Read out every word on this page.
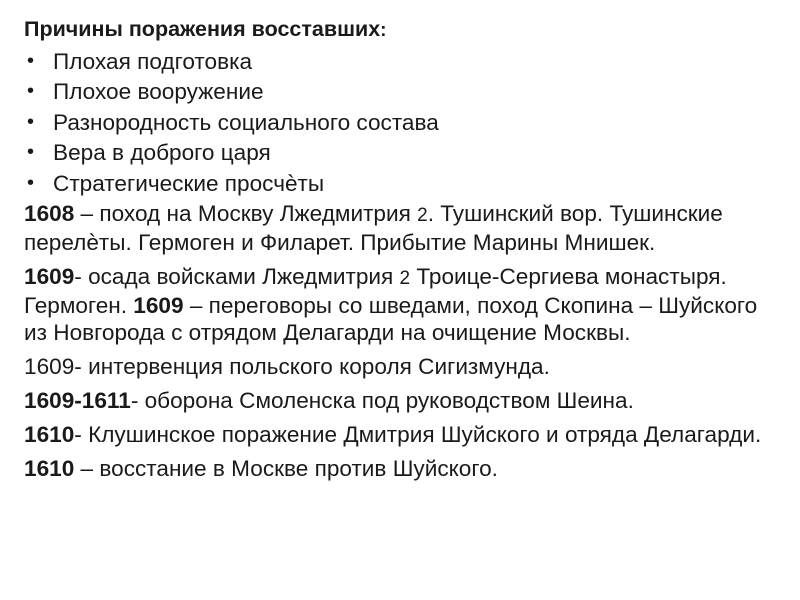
Причины поражения восставших:
• Плохая подготовка
• Плохое вооружение
• Разнородность социального состава
• Вера в доброго царя
• Стратегические просчѐты

1608 – поход на Москву Лжедмитрия 2. Тушинский вор. Тушинские перелѐты. Гермоген и Филарет. Прибытие Марины Мнишек.

1609- осада войсками Лжедмитрия 2 Троице-Сергиева монастыря. Гермоген. 1609 – переговоры со шведами, поход Скопина – Шуйского из Новгорода с отрядом Делагарди на очищение Москвы.

1609- интервенция польского короля Сигизмунда.

1609-1611- оборона Смоленска под руководством Шеина.

1610- Клушинское поражение Дмитрия Шуйского и отряда Делагарди.

1610 – восстание в Москве против Шуйского.
